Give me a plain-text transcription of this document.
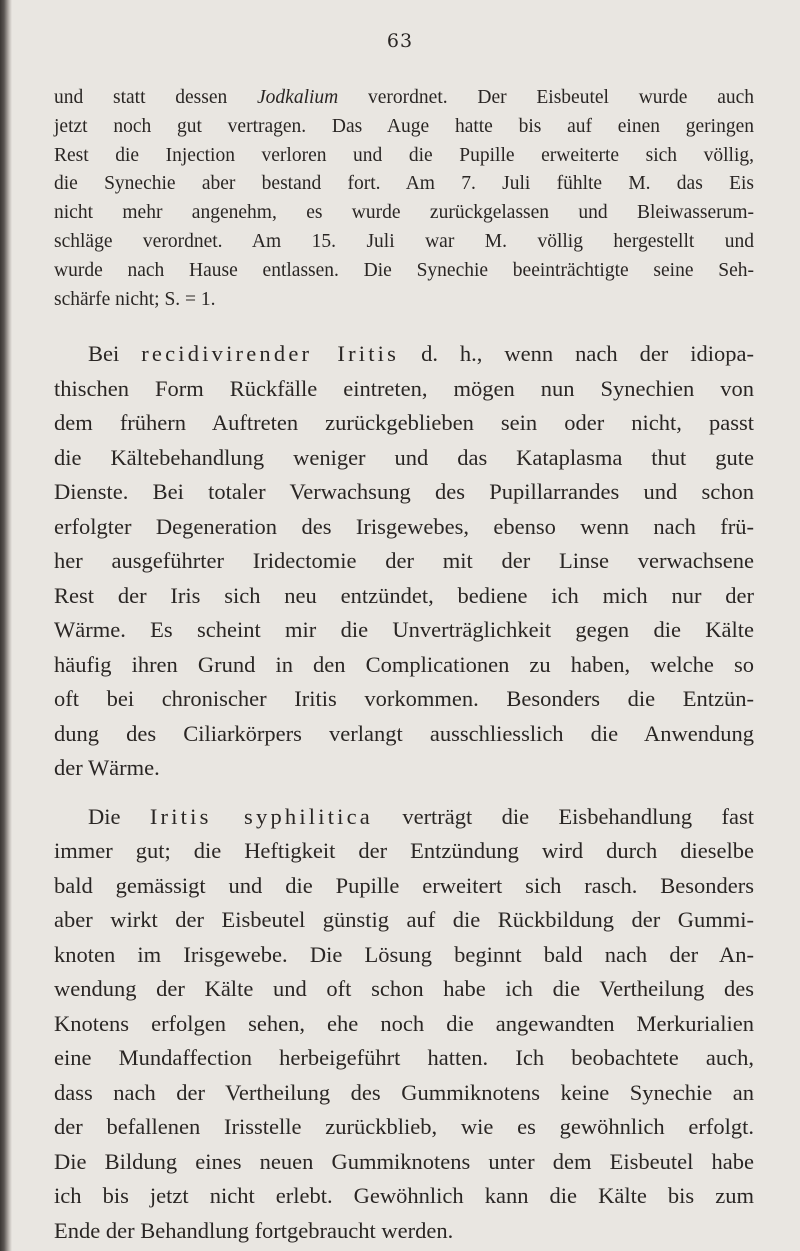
63
und statt dessen Jodkalium verordnet. Der Eisbeutel wurde auch
jetzt noch gut vertragen. Das Auge hatte bis auf einen geringen
Rest die Injection verloren und die Pupille erweiterte sich völlig,
die Synechie aber bestand fort. Am 7. Juli fühlte M. das Eis
nicht mehr angenehm, es wurde zurückgelassen und Bleiwasserum-
schläge verordnet. Am 15. Juli war M. völlig hergestellt und
wurde nach Hause entlassen. Die Synechie beeinträchtigte seine Seh-
schärfe nicht; S. = 1.
Bei recidivirender Iritis d. h., wenn nach der idiopa-
thischen Form Rückfälle eintreten, mögen nun Synechien von
dem frühern Auftreten zurückgeblieben sein oder nicht, passt
die Kältebehandlung weniger und das Kataplasma thut gute
Dienste. Bei totaler Verwachsung des Pupillarrandes und schon
erfolgter Degeneration des Irisgewebes, ebenso wenn nach frü-
her ausgeführter Iridectomie der mit der Linse verwachsene
Rest der Iris sich neu entzündet, bediene ich mich nur der
Wärme. Es scheint mir die Unverträglichkeit gegen die Kälte
häufig ihren Grund in den Complicationen zu haben, welche so
oft bei chronischer Iritis vorkommen. Besonders die Entzün-
dung des Ciliarkörpers verlangt ausschliesslich die Anwendung
der Wärme.
Die Iritis syphilitica verträgt die Eisbehandlung fast
immer gut; die Heftigkeit der Entzündung wird durch dieselbe
bald gemässigt und die Pupille erweitert sich rasch. Besonders
aber wirkt der Eisbeutel günstig auf die Rückbildung der Gummi-
knoten im Irisgewebe. Die Lösung beginnt bald nach der An-
wendung der Kälte und oft schon habe ich die Vertheilung des
Knotens erfolgen sehen, ehe noch die angewandten Merkurialien
eine Mundaffection herbeigeführt hatten. Ich beobachtete auch,
dass nach der Vertheilung des Gummiknotens keine Synechie an
der befallenen Irisstelle zurückblieb, wie es gewöhnlich erfolgt.
Die Bildung eines neuen Gummiknotens unter dem Eisbeutel habe
ich bis jetzt nicht erlebt. Gewöhnlich kann die Kälte bis zum
Ende der Behandlung fortgebraucht werden.
